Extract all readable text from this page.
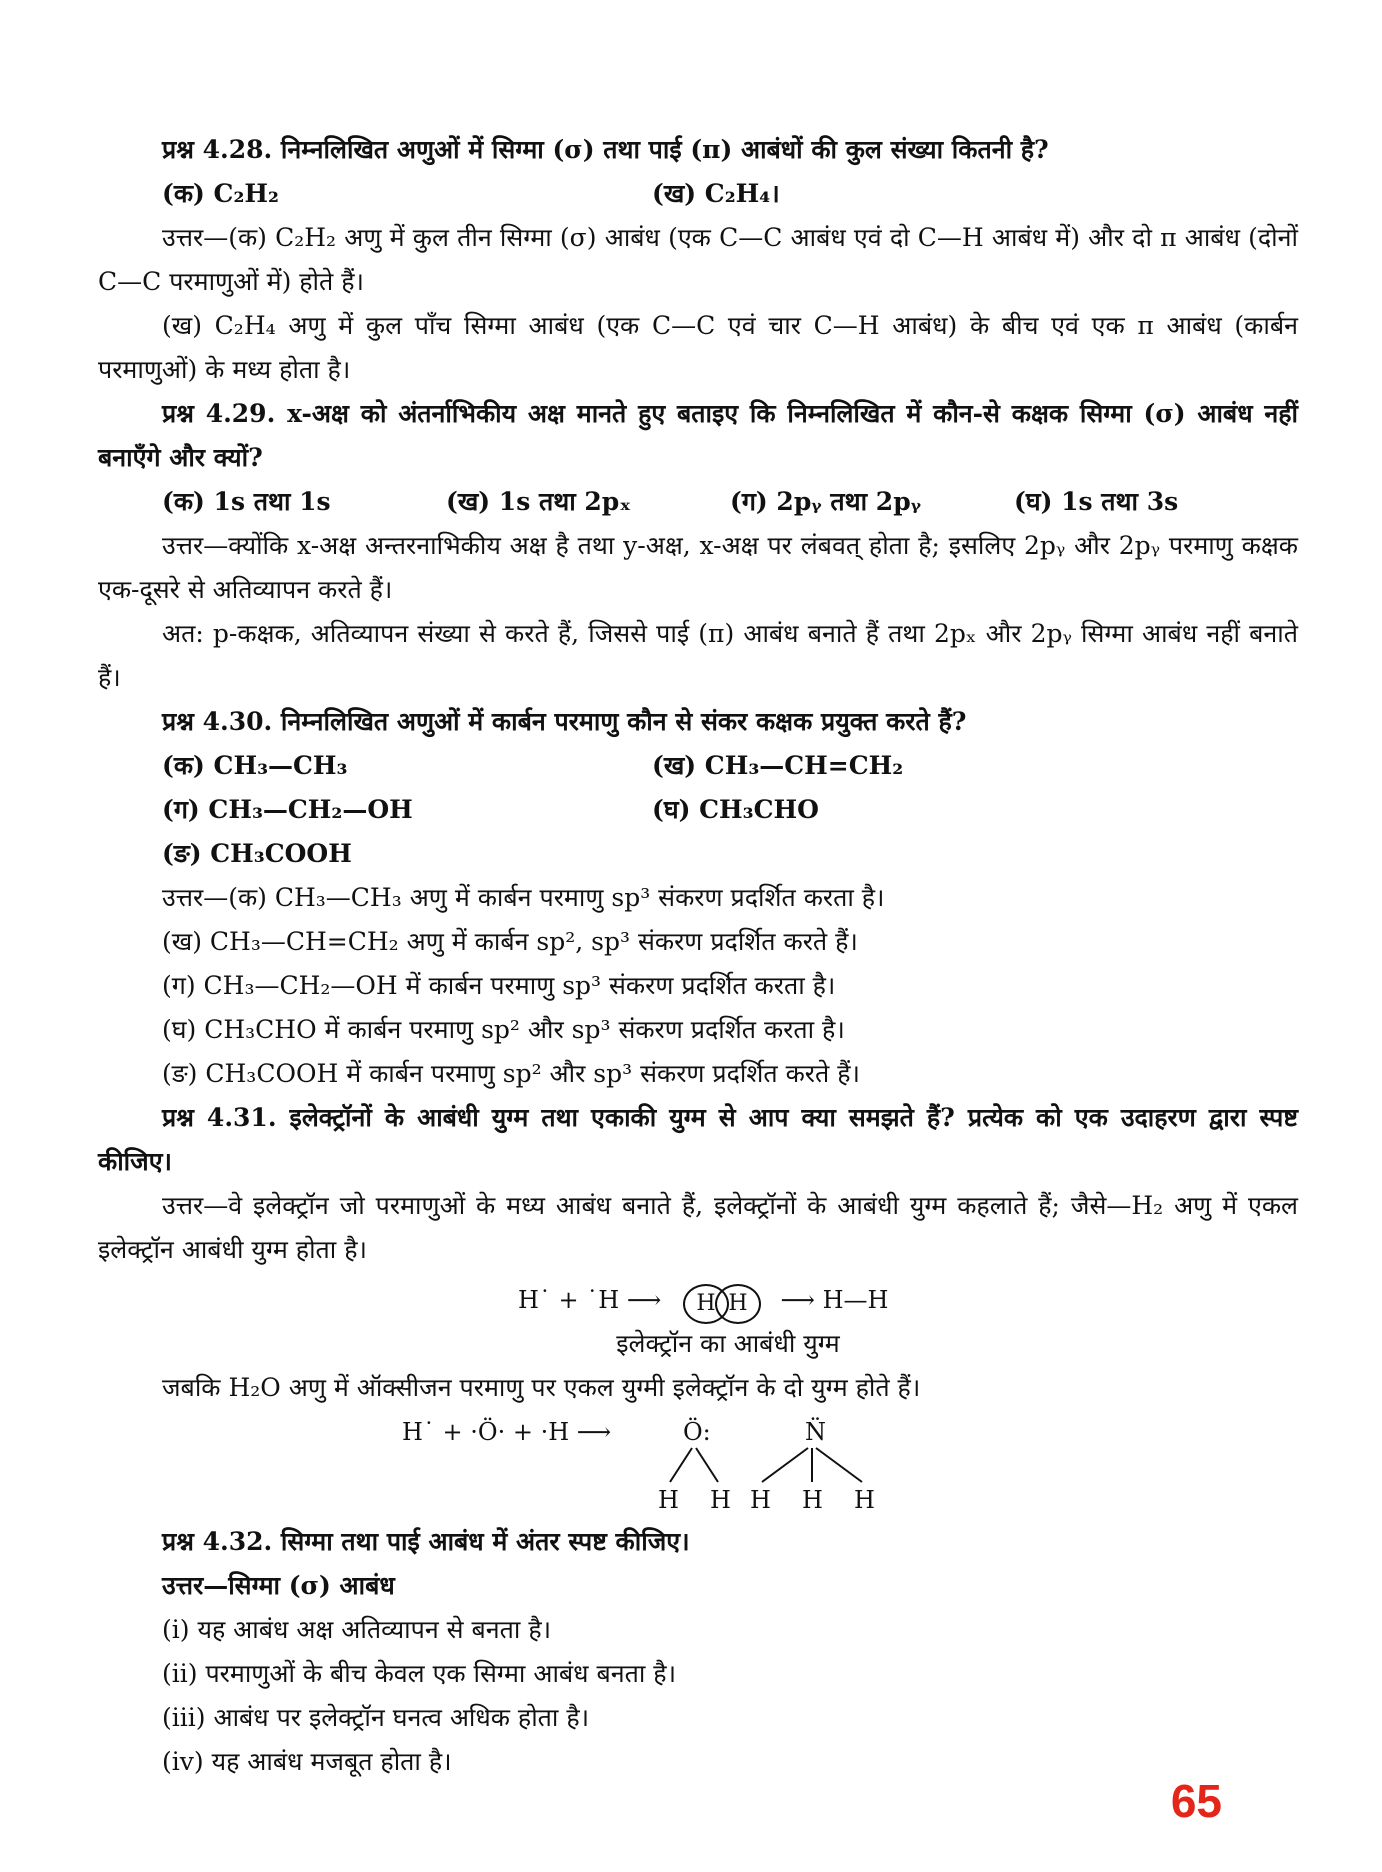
प्रश्न 4.28. निम्नलिखित अणुओं में सिग्मा (σ) तथा पाई (π) आबंधों की कुल संख्या कितनी है?
(क) C₂H₂	(ख) C₂H₄।
उत्तर—(क) C₂H₂ अणु में कुल तीन सिग्मा (σ) आबंध (एक C—C आबंध एवं दो C—H आबंध में) और दो π आबंध (दोनों C—C परमाणुओं में) होते हैं।
(ख) C₂H₄ अणु में कुल पाँच सिग्मा आबंध (एक C—C एवं चार C—H आबंध) के बीच एवं एक π आबंध (कार्बन परमाणुओं) के मध्य होता है।
प्रश्न 4.29. x-अक्ष को अंतर्नाभिकीय अक्ष मानते हुए बताइए कि निम्नलिखित में कौन-से कक्षक सिग्मा (σ) आबंध नहीं बनाएँगे और क्यों?
(क) 1s तथा 1s	(ख) 1s तथा 2pₓ	(ग) 2pᵧ तथा 2pᵧ	(घ) 1s तथा 3s
उत्तर—क्योंकि x-अक्ष अन्तरनाभिकीय अक्ष है तथा y-अक्ष, x-अक्ष पर लंबवत् होता है; इसलिए 2pᵧ और 2pᵧ परमाणु कक्षक एक-दूसरे से अतिव्यापन करते हैं।
अत: p-कक्षक, अतिव्यापन संख्या से करते हैं, जिससे पाई (π) आबंध बनाते हैं तथा 2pₓ और 2pᵧ सिग्मा आबंध नहीं बनाते हैं।
प्रश्न 4.30. निम्नलिखित अणुओं में कार्बन परमाणु कौन से संकर कक्षक प्रयुक्त करते हैं?
(क) CH₃—CH₃	(ख) CH₃—CH=CH₂
(ग) CH₃—CH₂—OH	(घ) CH₃CHO
(ङ) CH₃COOH
उत्तर—(क) CH₃—CH₃ अणु में कार्बन परमाणु sp³ संकरण प्रदर्शित करता है।
(ख) CH₃—CH=CH₂ अणु में कार्बन sp², sp³ संकरण प्रदर्शित करते हैं।
(ग) CH₃—CH₂—OH में कार्बन परमाणु sp³ संकरण प्रदर्शित करता है।
(घ) CH₃CHO में कार्बन परमाणु sp² और sp³ संकरण प्रदर्शित करता है।
(ङ) CH₃COOH में कार्बन परमाणु sp² और sp³ संकरण प्रदर्शित करते हैं।
प्रश्न 4.31. इलेक्ट्रॉनों के आबंधी युग्म तथा एकाकी युग्म से आप क्या समझते हैं? प्रत्येक को एक उदाहरण द्वारा स्पष्ट कीजिए।
उत्तर—वे इलेक्ट्रॉन जो परमाणुओं के मध्य आबंध बनाते हैं, इलेक्ट्रॉनों के आबंधी युग्म कहलाते हैं; जैसे—H₂ अणु में एकल इलेक्ट्रॉन आबंधी युग्म होता है।
H˙ + ˙H ⟶	H H	⟶ H—H
इलेक्ट्रॉन का आबंधी युग्म
जबकि H₂O अणु में ऑक्सीजन परमाणु पर एकल युग्मी इलेक्ट्रॉन के दो युग्म होते हैं।
H˙ + ·Ö· + ·H ⟶	Ö:	N̈
H H H H H
प्रश्न 4.32. सिग्मा तथा पाई आबंध में अंतर स्पष्ट कीजिए।
उत्तर—सिग्मा (σ) आबंध
(i) यह आबंध अक्ष अतिव्यापन से बनता है।
(ii) परमाणुओं के बीच केवल एक सिग्मा आबंध बनता है।
(iii) आबंध पर इलेक्ट्रॉन घनत्व अधिक होता है।
(iv) यह आबंध मजबूत होता है।
65
